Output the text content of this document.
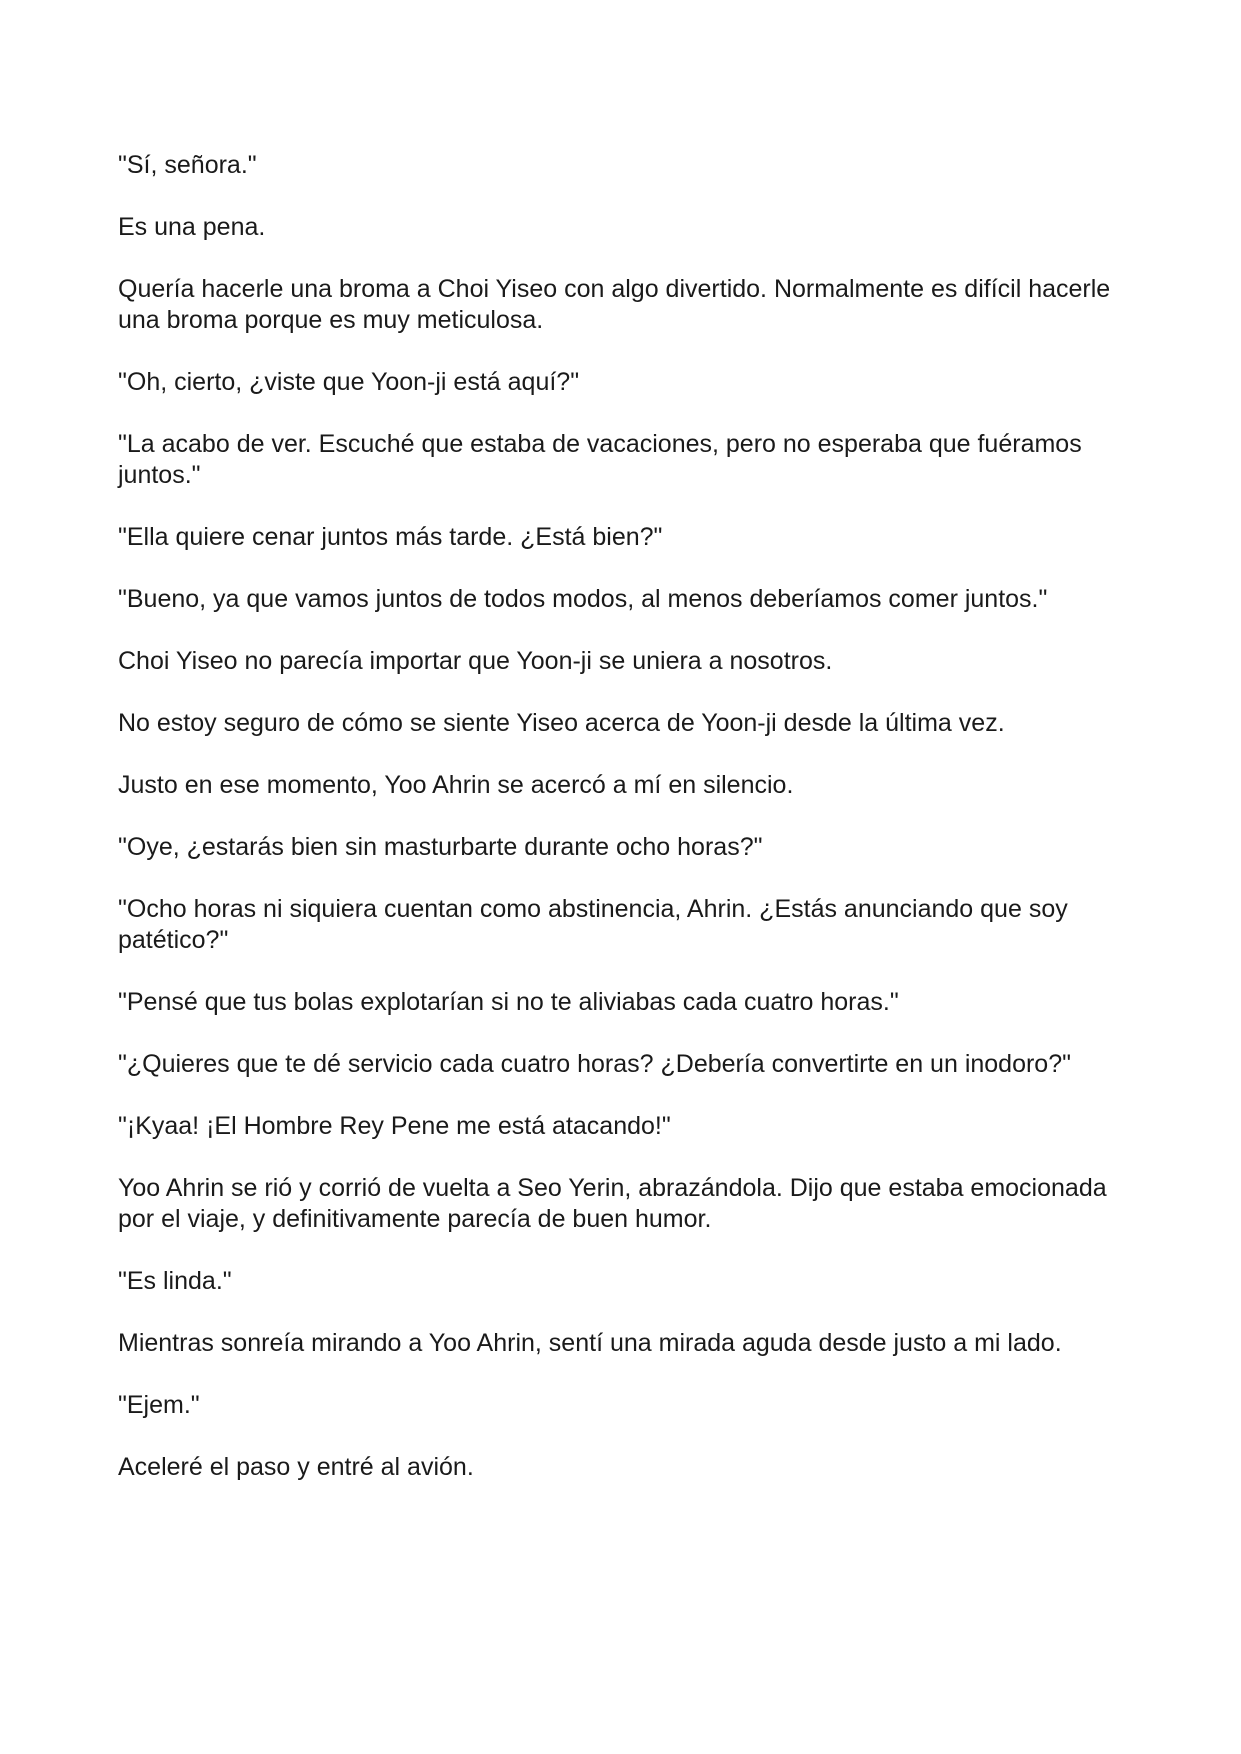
"Sí, señora."

Es una pena.

Quería hacerle una broma a Choi Yiseo con algo divertido. Normalmente es difícil hacerle una broma porque es muy meticulosa.

"Oh, cierto, ¿viste que Yoon-ji está aquí?"

"La acabo de ver. Escuché que estaba de vacaciones, pero no esperaba que fuéramos juntos."

"Ella quiere cenar juntos más tarde. ¿Está bien?"

"Bueno, ya que vamos juntos de todos modos, al menos deberíamos comer juntos."

Choi Yiseo no parecía importar que Yoon-ji se uniera a nosotros.

No estoy seguro de cómo se siente Yiseo acerca de Yoon-ji desde la última vez.

Justo en ese momento, Yoo Ahrin se acercó a mí en silencio.

"Oye, ¿estarás bien sin masturbarte durante ocho horas?"

"Ocho horas ni siquiera cuentan como abstinencia, Ahrin. ¿Estás anunciando que soy patético?"

"Pensé que tus bolas explotarían si no te aliviabas cada cuatro horas."

"¿Quieres que te dé servicio cada cuatro horas? ¿Debería convertirte en un inodoro?"

"¡Kyaa! ¡El Hombre Rey Pene me está atacando!"

Yoo Ahrin se rió y corrió de vuelta a Seo Yerin, abrazándola. Dijo que estaba emocionada por el viaje, y definitivamente parecía de buen humor.

"Es linda."

Mientras sonreía mirando a Yoo Ahrin, sentí una mirada aguda desde justo a mi lado.

"Ejem."

Aceleré el paso y entré al avión.
